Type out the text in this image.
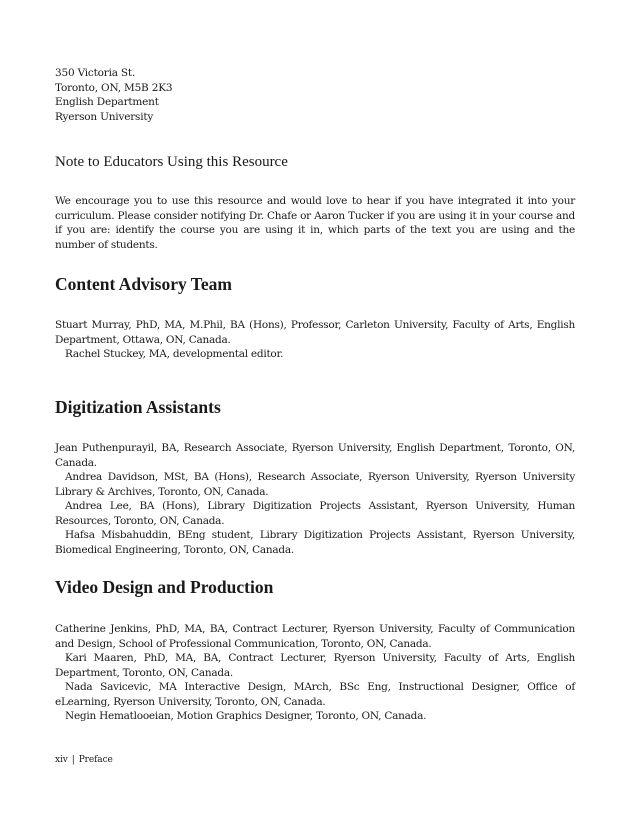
350 Victoria St.
Toronto, ON, M5B 2K3
English Department
Ryerson University
Note to Educators Using this Resource

We encourage you to use this resource and would love to hear if you have integrated it into your curriculum. Please consider notifying Dr. Chafe or Aaron Tucker if you are using it in your course and if you are: identify the course you are using it in, which parts of the text you are using and the number of students.

Content Advisory Team

Stuart Murray, PhD, MA, M.Phil, BA (Hons), Professor, Carleton University, Faculty of Arts, English Department, Ottawa, ON, Canada.

Rachel Stuckey, MA, developmental editor.

Digitization Assistants

Jean Puthenpurayil, BA, Research Associate, Ryerson University, English Department, Toronto, ON, Canada.

Andrea Davidson, MSt, BA (Hons), Research Associate, Ryerson University, Ryerson University Library & Archives, Toronto, ON, Canada.

Andrea Lee, BA (Hons), Library Digitization Projects Assistant, Ryerson University, Human Resources, Toronto, ON, Canada.

Hafsa Misbahuddin, BEng student, Library Digitization Projects Assistant, Ryerson University, Biomedical Engineering, Toronto, ON, Canada.

Video Design and Production

Catherine Jenkins, PhD, MA, BA, Contract Lecturer, Ryerson University, Faculty of Communication and Design, School of Professional Communication, Toronto, ON, Canada.

Kari Maaren, PhD, MA, BA, Contract Lecturer, Ryerson University, Faculty of Arts, English Department, Toronto, ON, Canada.

Nada Savicevic, MA Interactive Design, MArch, BSc Eng, Instructional Designer, Office of eLearning, Ryerson University, Toronto, ON, Canada.

Negin Hematlooeian, Motion Graphics Designer, Toronto, ON, Canada.

xiv | Preface
